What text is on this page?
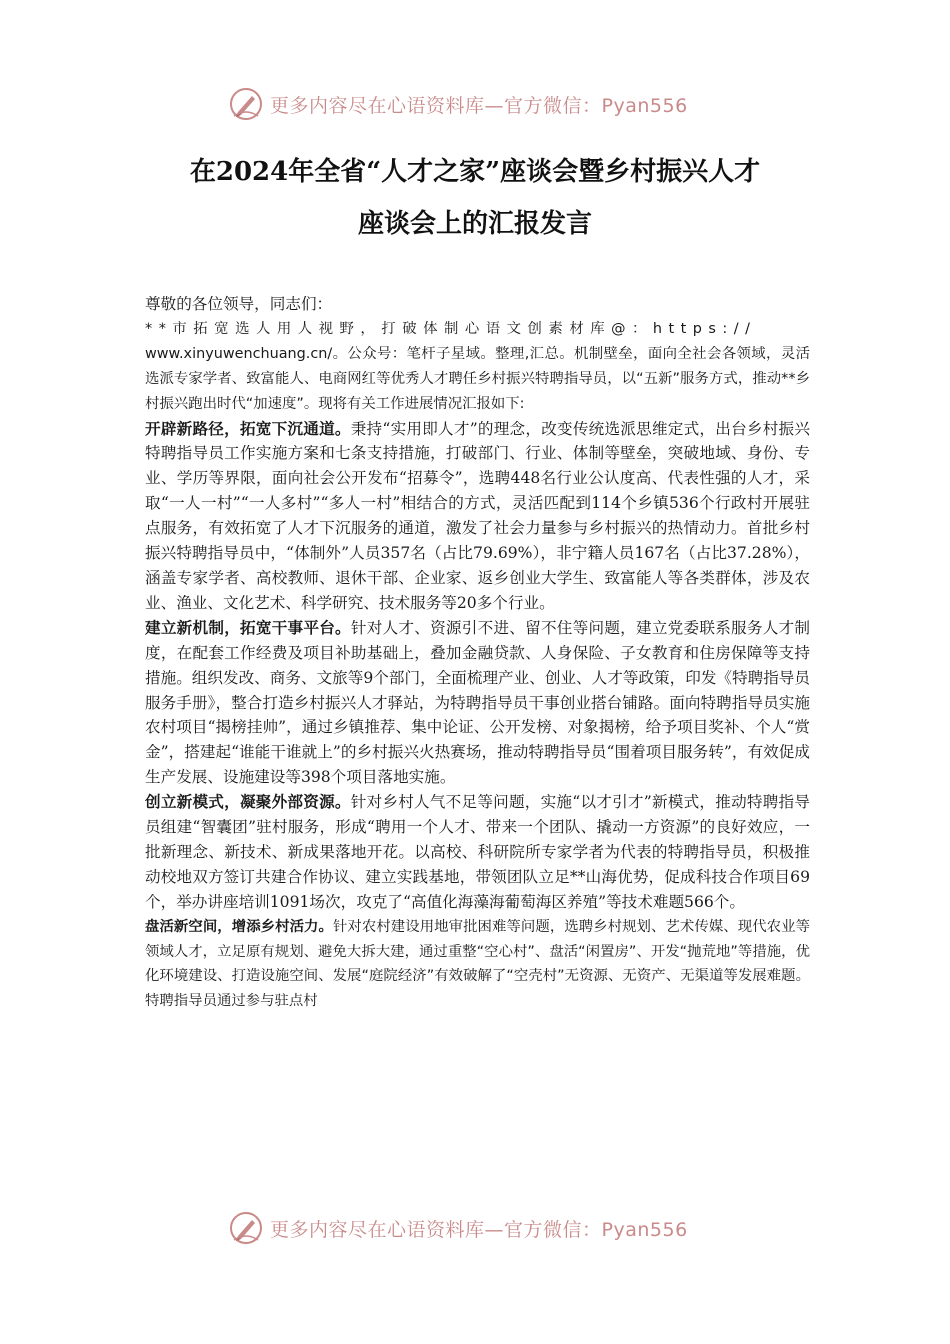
更多内容尽在心语资料库—官方微信：Pyan556
在2024年全省“人才之家”座谈会暨乡村振兴人才
座谈会上的汇报发言

尊敬的各位领导，同志们：

**市拓宽选人用人视野，打破体制心语文创素材库@：https://

www.xinyuwenchuang.cn/。公众号：笔杆子星域。整理,汇总。机制壁垒，面向全社会各领域，灵活选派专家学者、致富能人、电商网红等优秀人才聘任乡村振兴特聘指导员，以“五新”服务方式，推动**乡村振兴跑出时代“加速度”。现将有关工作进展情况汇报如下:

开辟新路径，拓宽下沉通道。秉持“实用即人才”的理念，改变传统选派思维定式，出台乡村振兴特聘指导员工作实施方案和七条支持措施，打破部门、行业、体制等壁垒，突破地域、身份、专业、学历等界限，面向社会公开发布“招募令”，选聘448名行业公认度高、代表性强的人才，采取“一人一村”“一人多村”“多人一村”相结合的方式，灵活匹配到114个乡镇536个行政村开展驻点服务，有效拓宽了人才下沉服务的通道，激发了社会力量参与乡村振兴的热情动力。首批乡村振兴特聘指导员中，“体制外”人员357名（占比79.69%），非宁籍人员167名（占比37.28%），涵盖专家学者、高校教师、退休干部、企业家、返乡创业大学生、致富能人等各类群体，涉及农业、渔业、文化艺术、科学研究、技术服务等20多个行业。

建立新机制，拓宽干事平台。针对人才、资源引不进、留不住等问题，建立党委联系服务人才制度，在配套工作经费及项目补助基础上，叠加金融贷款、人身保险、子女教育和住房保障等支持措施。组织发改、商务、文旅等9个部门，全面梳理产业、创业、人才等政策，印发《特聘指导员服务手册》，整合打造乡村振兴人才驿站，为特聘指导员干事创业搭台铺路。面向特聘指导员实施农村项目“揭榜挂帅”，通过乡镇推荐、集中论证、公开发榜、对象揭榜，给予项目奖补、个人“赏金”，搭建起“谁能干谁就上”的乡村振兴火热赛场，推动特聘指导员“围着项目服务转”，有效促成生产发展、设施建设等398个项目落地实施。

创立新模式，凝聚外部资源。针对乡村人气不足等问题，实施“以才引才”新模式，推动特聘指导员组建“智囊团”驻村服务，形成“聘用一个人才、带来一个团队、撬动一方资源”的良好效应，一批新理念、新技术、新成果落地开花。以高校、科研院所专家学者为代表的特聘指导员，积极推动校地双方签订共建合作协议、建立实践基地，带领团队立足**山海优势，促成科技合作项目69个，举办讲座培训1091场次，攻克了“高值化海藻海葡萄海区养殖”等技术难题566个。

盘活新空间，增添乡村活力。针对农村建设用地审批困难等问题，选聘乡村规划、艺术传媒、现代农业等领域人才，立足原有规划、避免大拆大建，通过重整“空心村”、盘活“闲置房”、开发“抛荒地”等措施，优化环境建设、打造设施空间、发展“庭院经济”有效破解了“空壳村”无资源、无资产、无渠道等发展难题。特聘指导员通过参与驻点村

更多内容尽在心语资料库—官方微信：Pyan556
